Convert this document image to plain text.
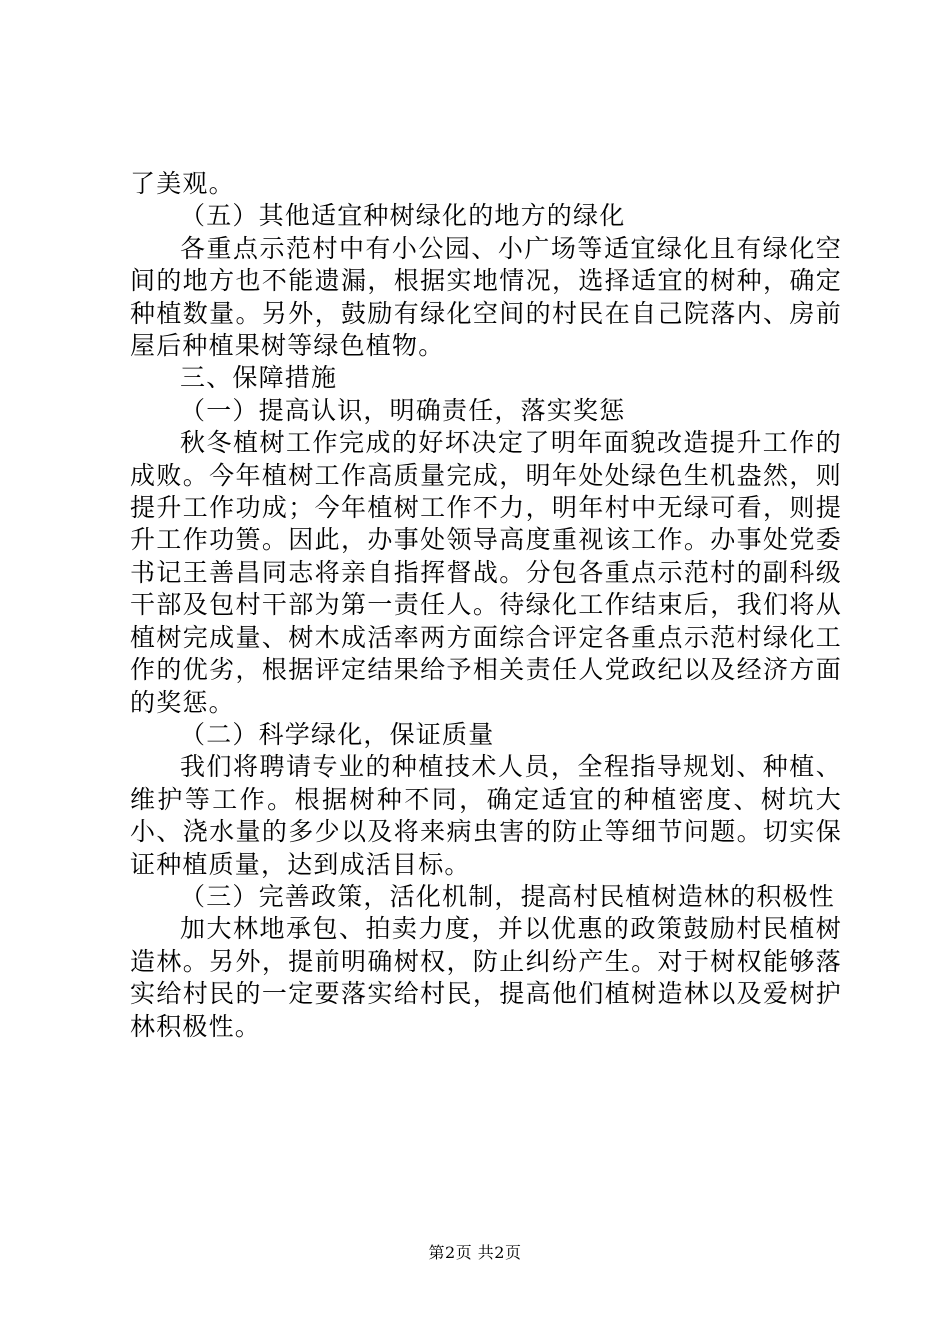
了美观。

（五）其他适宜种树绿化的地方的绿化

各重点示范村中有小公园、小广场等适宜绿化且有绿化空间的地方也不能遗漏，根据实地情况，选择适宜的树种，确定种植数量。另外，鼓励有绿化空间的村民在自己院落内、房前屋后种植果树等绿色植物。

三、保障措施

（一）提高认识，明确责任，落实奖惩

秋冬植树工作完成的好坏决定了明年面貌改造提升工作的成败。今年植树工作高质量完成，明年处处绿色生机盎然，则提升工作功成；今年植树工作不力，明年村中无绿可看，则提升工作功篑。因此，办事处领导高度重视该工作。办事处党委书记王善昌同志将亲自指挥督战。分包各重点示范村的副科级干部及包村干部为第一责任人。待绿化工作结束后，我们将从植树完成量、树木成活率两方面综合评定各重点示范村绿化工作的优劣，根据评定结果给予相关责任人党政纪以及经济方面的奖惩。

（二）科学绿化，保证质量

我们将聘请专业的种植技术人员，全程指导规划、种植、维护等工作。根据树种不同，确定适宜的种植密度、树坑大小、浇水量的多少以及将来病虫害的防止等细节问题。切实保证种植质量，达到成活目标。

（三）完善政策，活化机制，提高村民植树造林的积极性

加大林地承包、拍卖力度，并以优惠的政策鼓励村民植树造林。另外，提前明确树权，防止纠纷产生。对于树权能够落实给村民的一定要落实给村民，提高他们植树造林以及爱树护林积极性。

第2页 共2页
